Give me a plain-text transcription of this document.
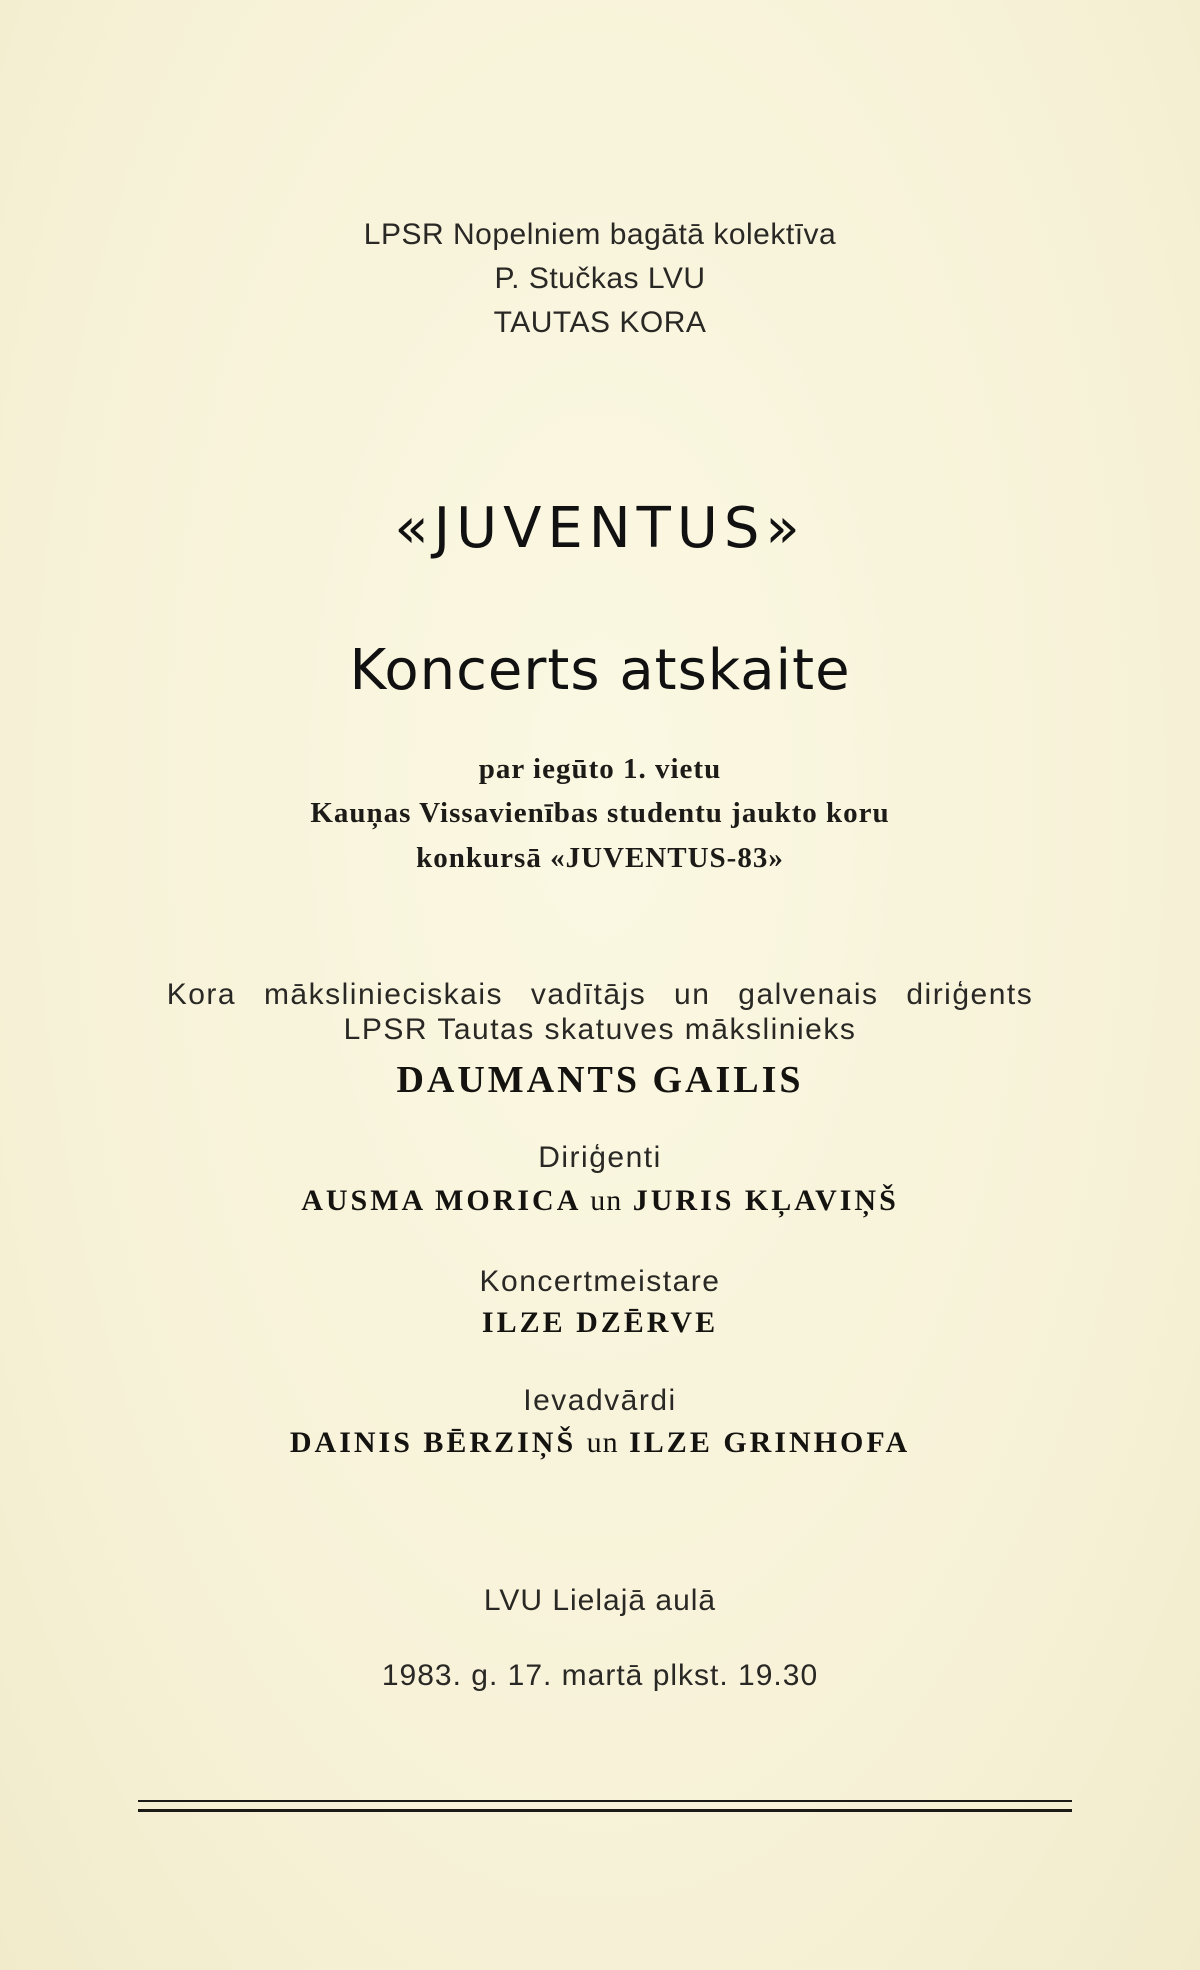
LPSR Nopelniem bagātā kolektīva
P. Stučkas LVU
TAUTAS KORA
«JUVENTUS»
Koncerts atskaite
par iegūto 1. vietu
Kauņas Vissavienības studentu jaukto koru
konkursā «JUVENTUS-83»
Kora mākslinieciskais vadītājs un galvenais diriģents
LPSR Tautas skatuves mākslinieks
DAUMANTS GAILIS
Diriģenti
AUSMA MORICA un JURIS KĻAVIŅŠ
Koncertmeistare
ILZE DZĒRVE
Ievadvārdi
DAINIS BĒRZIŅŠ un ILZE GRINHOFA
LVU Lielajā aulā
1983. g. 17. martā plkst. 19.30
